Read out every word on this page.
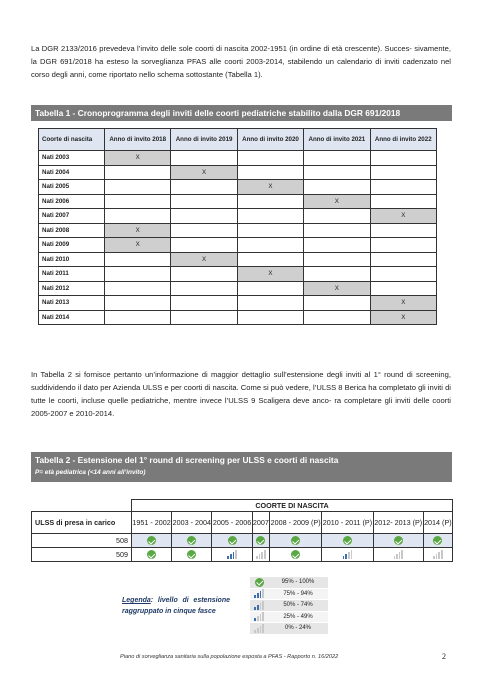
La DGR 2133/2016 prevedeva l’invito delle sole coorti di nascita 2002-1951 (in ordine di età crescente). Succes- sivamente, la DGR 691/2018 ha esteso la sorveglianza PFAS alle coorti 2003-2014, stabilendo un calendario di inviti cadenzato nel corso degli anni, come riportato nello schema sottostante (Tabella 1).

Tabella 1 - Cronoprogramma degli inviti delle coorti pediatriche stabilito dalla DGR 691/2018
Coorte di nascita	Anno di invito 2018	Anno di invito 2019	Anno di invito 2020	Anno di invito 2021	Anno di invito 2022
Nati 2003	X				
Nati 2004		X			
Nati 2005			X		
Nati 2006				X	
Nati 2007					X
Nati 2008	X				
Nati 2009	X				
Nati 2010		X			
Nati 2011			X		
Nati 2012				X	
Nati 2013					X
Nati 2014					X

In Tabella 2 si fornisce pertanto un’informazione di maggior dettaglio sull’estensione degli inviti al 1° round di screening, suddividendo il dato per Azienda ULSS e per coorti di nascita. Come si può vedere, l’ULSS 8 Berica ha completato gli inviti di tutte le coorti, incluse quelle pediatriche, mentre invece l’ULSS 9 Scaligera deve anco- ra completare gli inviti delle coorti 2005-2007 e 2010-2014.

Tabella 2 - Estensione del 1° round di screening per ULSS e coorti di nascita
P= età pediatrica (<14 anni all’invito)
	COORTE DI NASCITA							
ULSS di presa in carico	1951 - 2002	2003 - 2004	2005 - 2006	2007	2008 - 2009 (P)	2010 - 2011 (P)	2012- 2013 (P)	2014 (P)
508								
509			

Legenda: livello di estensione raggruppato in cinque fasce
95% - 100%
75% - 94%
50% - 74%
25% - 49%
0% - 24%
Piano di sorveglianza sanitaria sulla popolazione esposta a PFAS - Rapporto n. 16/2022	2
